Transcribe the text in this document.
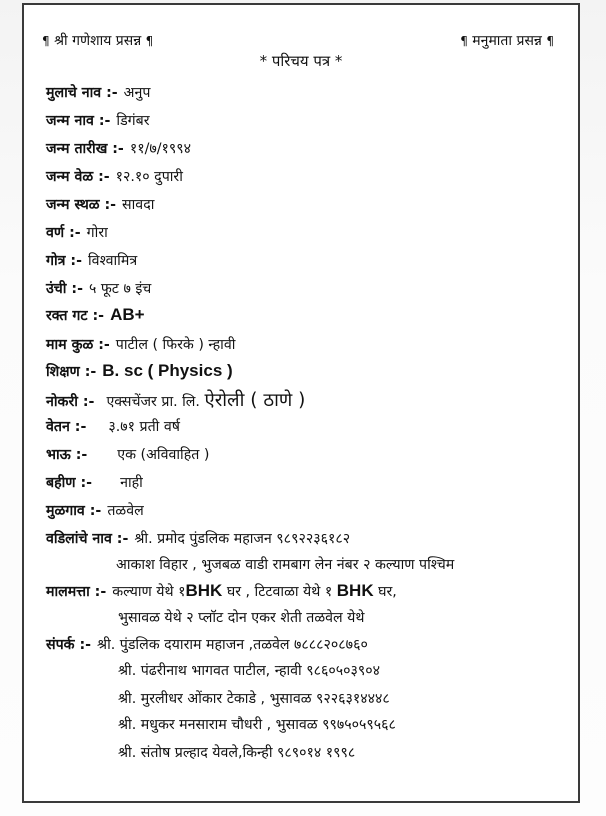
¶ श्री गणेशाय प्रसन्न ¶	¶ मनुमाता प्रसन्न ¶
* परिचय पत्र *
मुलाचे नाव :- अनुप
जन्म नाव :- डिगंबर
जन्म तारीख :- ११/७/१९९४
जन्म वेळ :- १२.१० दुपारी
जन्म स्थळ :- सावदा
वर्ण :- गोरा
गोत्र :- विश्वामित्र
उंची :- ५ फूट ७ इंच
रक्त गट :- AB+
माम कुळ :- पाटील ( फिरके ) न्हावी
शिक्षण :- B. sc ( Physics )
नोकरी :- एक्सचेंजर प्रा. लि. ऐरोली ( ठाणे )
वेतन :- ३.७१ प्रती वर्ष
भाऊ :- एक (अविवाहित )
बहीण :- नाही
मुळगाव :- तळवेल
वडिलांचे नाव :- श्री. प्रमोद पुंडलिक महाजन ९८९२२३६१८२
आकाश विहार , भुजबळ वाडी रामबाग लेन नंबर २ कल्याण पश्चिम
मालमत्ता :- कल्याण येथे १BHK घर , टिटवाळा येथे १ BHK घर,
भुसावळ येथे २ प्लॉट दोन एकर शेती तळवेल येथे
संपर्क :- श्री. पुंडलिक दयाराम महाजन ,तळवेल ७८८८२०८७६०
श्री. पंढरीनाथ भागवत पाटील, न्हावी ९८६०५०३९०४
श्री. मुरलीधर ओंकार टेकाडे , भुसावळ ९२२६३१४४४८
श्री. मधुकर मनसाराम चौधरी , भुसावळ ९९७५०५९५६८
श्री. संतोष प्रल्हाद येवले,किन्ही ९८९०१४ १९९८
